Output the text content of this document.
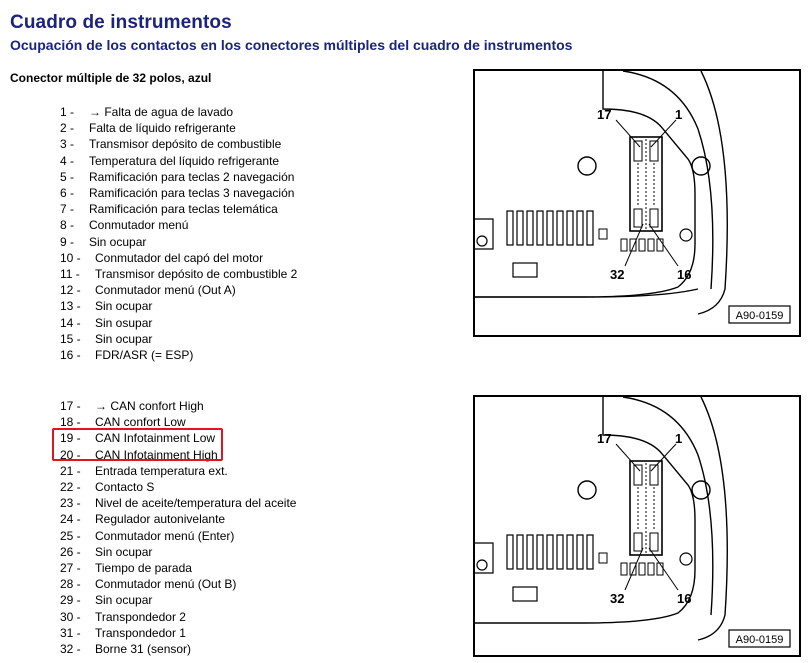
Cuadro de instrumentos
Ocupación de los contactos en los conectores múltiples del cuadro de instrumentos
Conector múltiple de 32 polos, azul
1 - → Falta de agua de lavado
2 - Falta de líquido refrigerante
3 - Transmisor depósito de combustible
4 - Temperatura del líquido refrigerante
5 - Ramificación para teclas 2 navegación
6 - Ramificación para teclas 3 navegación
7 - Ramificación para teclas telemática
8 - Conmutador menú
9 - Sin ocupar
10 - Conmutador del capó del motor
11 - Transmisor depósito de combustible 2
12 - Conmutador menú (Out A)
13 - Sin ocupar
14 - Sin osupar
15 - Sin ocupar
16 - FDR/ASR (= ESP)
17 - → CAN confort High
18 - CAN confort Low
19 - CAN Infotainment Low
20 - CAN Infotainment High
21 - Entrada temperatura ext.
22 - Contacto S
23 - Nivel de aceite/temperatura del aceite
24 - Regulador autonivelante
25 - Conmutador menú (Enter)
26 - Sin ocupar
27 - Tiempo de parada
28 - Conmutador menú (Out B)
29 - Sin ocupar
30 - Transpondedor 2
31 - Transpondedor 1
32 - Borne 31 (sensor)
17	1
32	16
A90-0159
17	1
32	16
A90-0159
